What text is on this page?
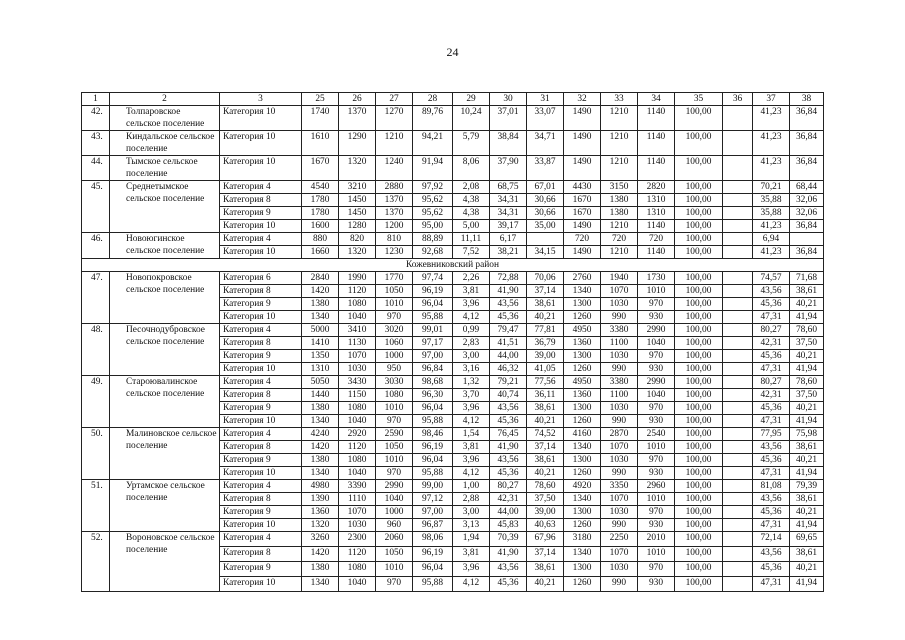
24
1	2	3	25	26	27	28	29	30	31	32	33	34	35	36	37	38
42.	Толпаровское сельское поселение	Категория 10	1740	1370	1270	89,76	10,24	37,01	33,07	1490	1210	1140	100,00		41,23	36,84

43.	Киндальское сельское поселение	Категория 10	1610	1290	1210	94,21	5,79	38,84	34,71	1490	1210	1140	100,00		41,23	36,84

44.	Тымское сельское поселение	Категория 10	1670	1320	1240	91,94	8,06	37,90	33,87	1490	1210	1140	100,00		41,23	36,84

45.	Среднетымское сельское поселение	Категория 4	4540	3210	2880	97,92	2,08	68,75	67,01	4430	3150	2820	100,00		70,21	68,44
		Категория 8	1780	1450	1370	95,62	4,38	34,31	30,66	1670	1380	1310	100,00		35,88	32,06
		Категория 9	1780	1450	1370	95,62	4,38	34,31	30,66	1670	1380	1310	100,00		35,88	32,06
		Категория 10	1600	1280	1200	95,00	5,00	39,17	35,00	1490	1210	1140	100,00		41,23	36,84
46.	Новоюгинское сельское поселение	Категория 4	880	820	810	88,89	11,11	6,17		720	720	720	100,00		6,94	
		Категория 10	1660	1320	1230	92,68	7,52	38,21	34,15	1490	1210	1140	100,00		41,23	36,84
Кожевниковский район																
47.	Новопокровское сельское поселение	Категория 6	2840	1990	1770	97,74	2,26	72,88	70,06	2760	1940	1730	100,00		74,57	71,68
		Категория 8	1420	1120	1050	96,19	3,81	41,90	37,14	1340	1070	1010	100,00		43,56	38,61
		Категория 9	1380	1080	1010	96,04	3,96	43,56	38,61	1300	1030	970	100,00		45,36	40,21
		Категория 10	1340	1040	970	95,88	4,12	45,36	40,21	1260	990	930	100,00		47,31	41,94
48.	Песочнодубровское сельское поселение	Категория 4	5000	3410	3020	99,01	0,99	79,47	77,81	4950	3380	2990	100,00		80,27	78,60
		Категория 8	1410	1130	1060	97,17	2,83	41,51	36,79	1360	1100	1040	100,00		42,31	37,50
		Категория 9	1350	1070	1000	97,00	3,00	44,00	39,00	1300	1030	970	100,00		45,36	40,21
		Категория 10	1310	1030	950	96,84	3,16	46,32	41,05	1260	990	930	100,00		47,31	41,94
49.	Староювалинское сельское поселение	Категория 4	5050	3430	3030	98,68	1,32	79,21	77,56	4950	3380	2990	100,00		80,27	78,60
		Категория 8	1440	1150	1080	96,30	3,70	40,74	36,11	1360	1100	1040	100,00		42,31	37,50
		Категория 9	1380	1080	1010	96,04	3,96	43,56	38,61	1300	1030	970	100,00		45,36	40,21
		Категория 10	1340	1040	970	95,88	4,12	45,36	40,21	1260	990	930	100,00		47,31	41,94
50.	Малиновское сельское поселение	Категория 4	4240	2920	2590	98,46	1,54	76,45	74,52	4160	2870	2540	100,00		77,95	75,98
		Категория 8	1420	1120	1050	96,19	3,81	41,90	37,14	1340	1070	1010	100,00		43,56	38,61
		Категория 9	1380	1080	1010	96,04	3,96	43,56	38,61	1300	1030	970	100,00		45,36	40,21
		Категория 10	1340	1040	970	95,88	4,12	45,36	40,21	1260	990	930	100,00		47,31	41,94
51.	Уртамское сельское поселение	Категория 4	4980	3390	2990	99,00	1,00	80,27	78,60	4920	3350	2960	100,00		81,08	79,39
		Категория 8	1390	1110	1040	97,12	2,88	42,31	37,50	1340	1070	1010	100,00		43,56	38,61
		Категория 9	1360	1070	1000	97,00	3,00	44,00	39,00	1300	1030	970	100,00		45,36	40,21
		Категория 10	1320	1030	960	96,87	3,13	45,83	40,63	1260	990	930	100,00		47,31	41,94
52.	Вороновское сельское поселение	Категория 4	3260	2300	2060	98,06	1,94	70,39	67,96	3180	2250	2010	100,00		72,14	69,65
		Категория 8	1420	1120	1050	96,19	3,81	41,90	37,14	1340	1070	1010	100,00		43,56	38,61
		Категория 9	1380	1080	1010	96,04	3,96	43,56	38,61	1300	1030	970	100,00		45,36	40,21
		Категория 10	1340	1040	970	95,88	4,12	45,36	40,21	1260	990	930	100,00		47,31	41,94
